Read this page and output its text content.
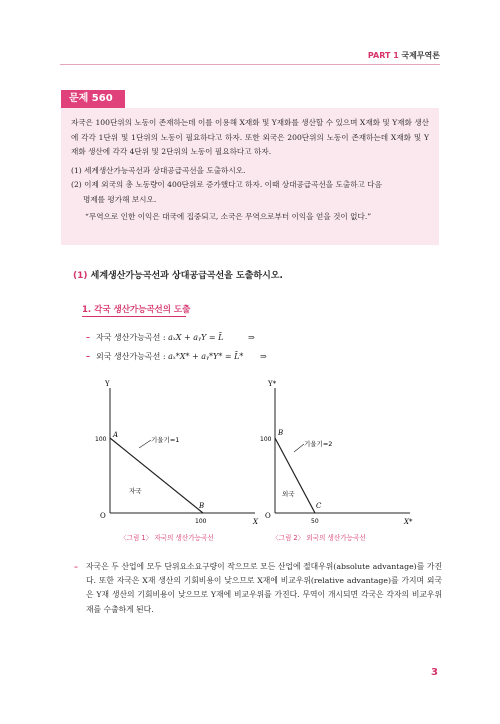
PART 1 국제무역론
문제 560

자국은 100단위의 노동이 존재하는데 이를 이용해 X재화 및 Y재화를 생산할 수 있으며 X재화 및 Y재화 생산에 각각 1단위 및 1단위의 노동이 필요하다고 하자. 또한 외국은 200단위의 노동이 존재하는데 X재화 및 Y재화 생산에 각각 4단위 및 2단위의 노동이 필요하다고 하자.

(1) 세계생산가능곡선과 상대공급곡선을 도출하시오.

(2) 이제 외국의 총 노동량이 400단위로 증가했다고 하자. 이때 상대공급곡선을 도출하고 다음

명제를 평가해 보시오.

“무역으로 인한 이익은 대국에 집중되고, 소국은 무역으로부터 이익을 얻을 것이 없다.”

(1) 세계생산가능곡선과 상대공급곡선을 도출하시오.
1. 각국 생산가능곡선의 도출
– 자국 생산가능곡선 : aₓX + aᵧY = L̄	⇒
– 외국 생산가능곡선 : aₓ*X* + aᵧ*Y* = L̄* ⇒
Y
X
O
100
100
A
B
기울기=1
자국
〈그림 1〉 자국의 생산가능곡선
Y*
X*
O
100
50
B
C
기울기=2
외국
〈그림 2〉 외국의 생산가능곡선
– 자국은 두 산업에 모두 단위요소요구량이 작으므로 모든 산업에 절대우위(absolute advantage)를 가진다. 또한 자국은 X재 생산의 기회비용이 낮으므로 X재에 비교우위(relative advantage)를 가지며 외국은 Y재 생산의 기회비용이 낮으므로 Y재에 비교우위를 가진다. 무역이 개시되면 각국은 각자의 비교우위재를 수출하게 된다.
3
